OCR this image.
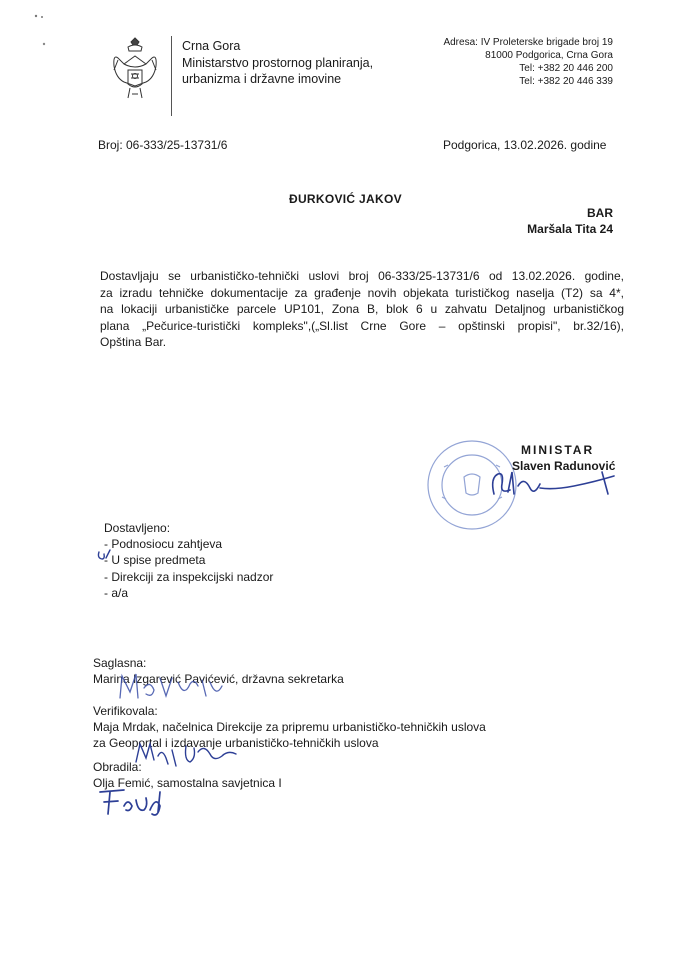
Crna Gora
Ministarstvo prostornog planiranja,
urbanizma i državne imovine
Adresa: IV Proleterske brigade broj 19
81000 Podgorica, Crna Gora
Tel: +382 20 446 200
Tel: +382 20 446 339
Broj: 06-333/25-13731/6	Podgorica, 13.02.2026. godine
ĐURKOVIĆ JAKOV
BAR
Maršala Tita 24
Dostavljaju se urbanističko-tehnički uslovi broj 06-333/25-13731/6 od 13.02.2026. godine,
za izradu tehničke dokumentacije za građenje novih objekata turističkog naselja (T2) sa 4*,
na lokaciji urbanističke parcele UP101, Zona B, blok 6 u zahvatu Detaljnog urbanističkog
plana „Pečurice-turistički kompleks",(„Sl.list Crne Gore – opštinski propisi", br.32/16),
Opština Bar.
MINISTAR
Slaven Radunović
Dostavljeno:
- Podnosiocu zahtjeva
- U spise predmeta
- Direkciji za inspekcijski nadzor
- a/a
Saglasna:
Marina Izgarević Pavićević, državna sekretarka
Verifikovala:
Maja Mrdak, načelnica Direkcije za pripremu urbanističko-tehničkih uslova
za Geoportal i izdavanje urbanističko-tehničkih uslova
Obradila:
Olja Femić, samostalna savjetnica I
